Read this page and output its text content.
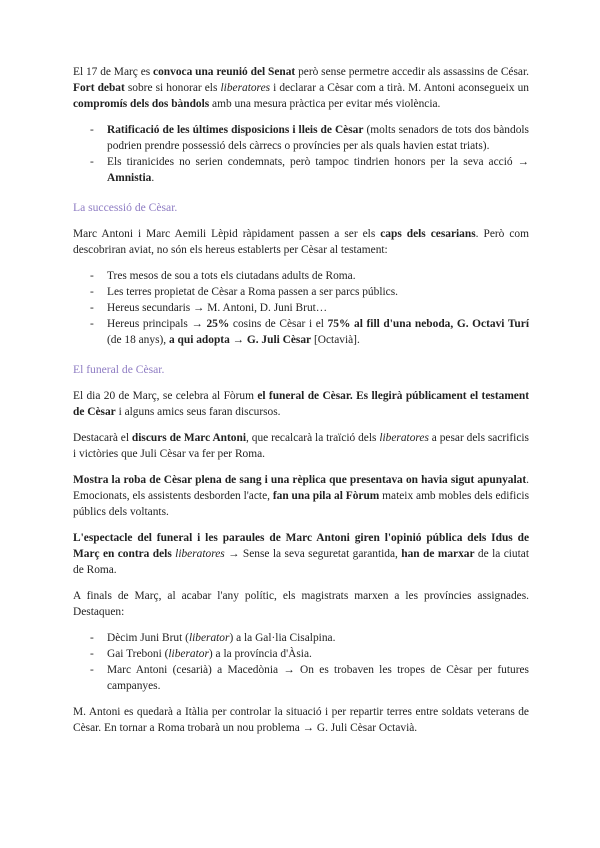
El 17 de Març es convoca una reunió del Senat però sense permetre accedir als assassins de César. Fort debat sobre si honorar els liberatores i declarar a Cèsar com a tirà. M. Antoni aconsegueix un compromís dels dos bàndols amb una mesura pràctica per evitar més violència.

- Ratificació de les últimes disposicions i lleis de Cèsar (molts senadors de tots dos bàndols podrien prendre possessió dels càrrecs o províncies per als quals havien estat triats).
- Els tiranicides no serien condemnats, però tampoc tindrien honors per la seva acció → Amnistia.
La successió de Cèsar.

Marc Antoni i Marc Aemili Lèpid ràpidament passen a ser els caps dels cesarians. Però com descobriran aviat, no són els hereus establerts per Cèsar al testament:

- Tres mesos de sou a tots els ciutadans adults de Roma.
- Les terres propietat de Cèsar a Roma passen a ser parcs públics.
- Hereus secundaris → M. Antoni, D. Juni Brut…
- Hereus principals → 25% cosins de Cèsar i el 75% al fill d'una neboda, G. Octavi Turí (de 18 anys), a qui adopta → G. Juli Cèsar [Octavià].
El funeral de Cèsar.

El dia 20 de Març, se celebra al Fòrum el funeral de Cèsar. Es llegirà públicament el testament de Cèsar i alguns amics seus faran discursos.

Destacarà el discurs de Marc Antoni, que recalcarà la traïció dels liberatores a pesar dels sacrificis i victòries que Juli Cèsar va fer per Roma.

Mostra la roba de Cèsar plena de sang i una rèplica que presentava on havia sigut apunyalat. Emocionats, els assistents desborden l'acte, fan una pila al Fòrum mateix amb mobles dels edificis públics dels voltants.

L'espectacle del funeral i les paraules de Marc Antoni giren l'opinió pública dels Idus de Març en contra dels liberatores → Sense la seva seguretat garantida, han de marxar de la ciutat de Roma.

A finals de Març, al acabar l'any polític, els magistrats marxen a les províncies assignades. Destaquen:

- Dècim Juni Brut (liberator) a la Gal·lia Cisalpina.
- Gai Treboni (liberator) a la província d'Àsia.
- Marc Antoni (cesarià) a Macedònia → On es trobaven les tropes de Cèsar per futures campanyes.

M. Antoni es quedarà a Itàlia per controlar la situació i per repartir terres entre soldats veterans de Cèsar. En tornar a Roma trobarà un nou problema → G. Juli Cèsar Octavià.
